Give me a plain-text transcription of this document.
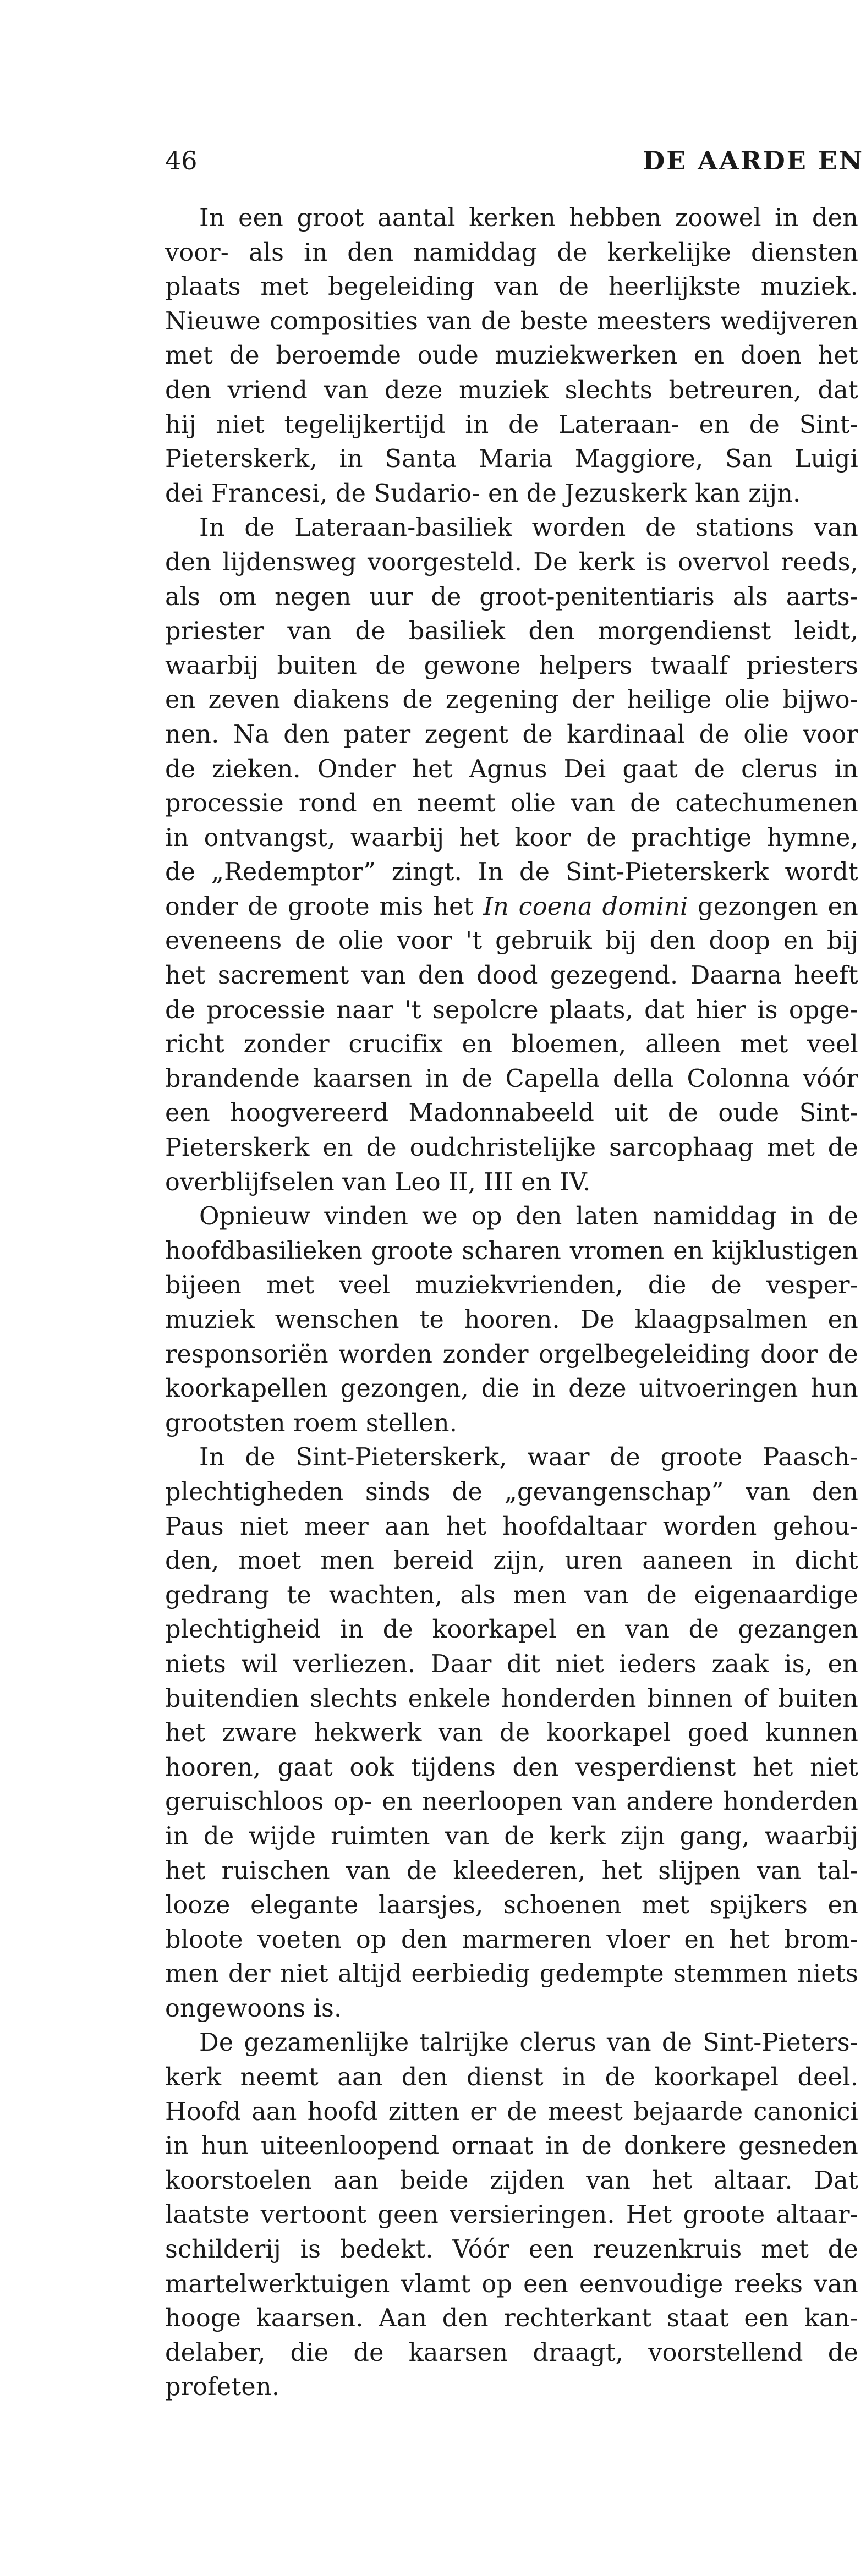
46	DE AARDE EN
In een groot aantal kerken hebben zoowel in den
voor- als in den namiddag de kerkelijke diensten
plaats met begeleiding van de heerlijkste muziek.
Nieuwe composities van de beste meesters wedijveren
met de beroemde oude muziekwerken en doen het
den vriend van deze muziek slechts betreuren, dat
hij niet tegelijkertijd in de Lateraan- en de Sint-
Pieterskerk, in Santa Maria Maggiore, San Luigi
dei Francesi, de Sudario- en de Jezuskerk kan zijn.
In de Lateraan-basiliek worden de stations van
den lijdensweg voorgesteld. De kerk is overvol reeds,
als om negen uur de groot-penitentiaris als aarts-
priester van de basiliek den morgendienst leidt,
waarbij buiten de gewone helpers twaalf priesters
en zeven diakens de zegening der heilige olie bijwo-
nen. Na den pater zegent de kardinaal de olie voor
de zieken. Onder het Agnus Dei gaat de clerus in
processie rond en neemt olie van de catechumenen
in ontvangst, waarbij het koor de prachtige hymne,
de „Redemptor” zingt. In de Sint-Pieterskerk wordt
onder de groote mis het In coena domini gezongen en
eveneens de olie voor 't gebruik bij den doop en bij
het sacrement van den dood gezegend. Daarna heeft
de processie naar 't sepolcre plaats, dat hier is opge-
richt zonder crucifix en bloemen, alleen met veel
brandende kaarsen in de Capella della Colonna vóór
een hoogvereerd Madonnabeeld uit de oude Sint-
Pieterskerk en de oudchristelijke sarcophaag met de
overblijfselen van Leo II, III en IV.
Opnieuw vinden we op den laten namiddag in de
hoofdbasilieken groote scharen vromen en kijklustigen
bijeen met veel muziekvrienden, die de vesper-
muziek wenschen te hooren. De klaagpsalmen en
responsoriën worden zonder orgelbegeleiding door de
koorkapellen gezongen, die in deze uitvoeringen hun
grootsten roem stellen.
In de Sint-Pieterskerk, waar de groote Paasch-
plechtigheden sinds de „gevangenschap” van den
Paus niet meer aan het hoofdaltaar worden gehou-
den, moet men bereid zijn, uren aaneen in dicht
gedrang te wachten, als men van de eigenaardige
plechtigheid in de koorkapel en van de gezangen
niets wil verliezen. Daar dit niet ieders zaak is, en
buitendien slechts enkele honderden binnen of buiten
het zware hekwerk van de koorkapel goed kunnen
hooren, gaat ook tijdens den vesperdienst het niet
geruischloos op- en neerloopen van andere honderden
in de wijde ruimten van de kerk zijn gang, waarbij
het ruischen van de kleederen, het slijpen van tal-
looze elegante laarsjes, schoenen met spijkers en
bloote voeten op den marmeren vloer en het brom-
men der niet altijd eerbiedig gedempte stemmen niets
ongewoons is.
De gezamenlijke talrijke clerus van de Sint-Pieters-
kerk neemt aan den dienst in de koorkapel deel.
Hoofd aan hoofd zitten er de meest bejaarde canonici
in hun uiteenloopend ornaat in de donkere gesneden
koorstoelen aan beide zijden van het altaar. Dat
laatste vertoont geen versieringen. Het groote altaar-
schilderij is bedekt. Vóór een reuzenkruis met de
martelwerktuigen vlamt op een eenvoudige reeks van
hooge kaarsen. Aan den rechterkant staat een kan-
delaber, die de kaarsen draagt, voorstellend de
profeten.
